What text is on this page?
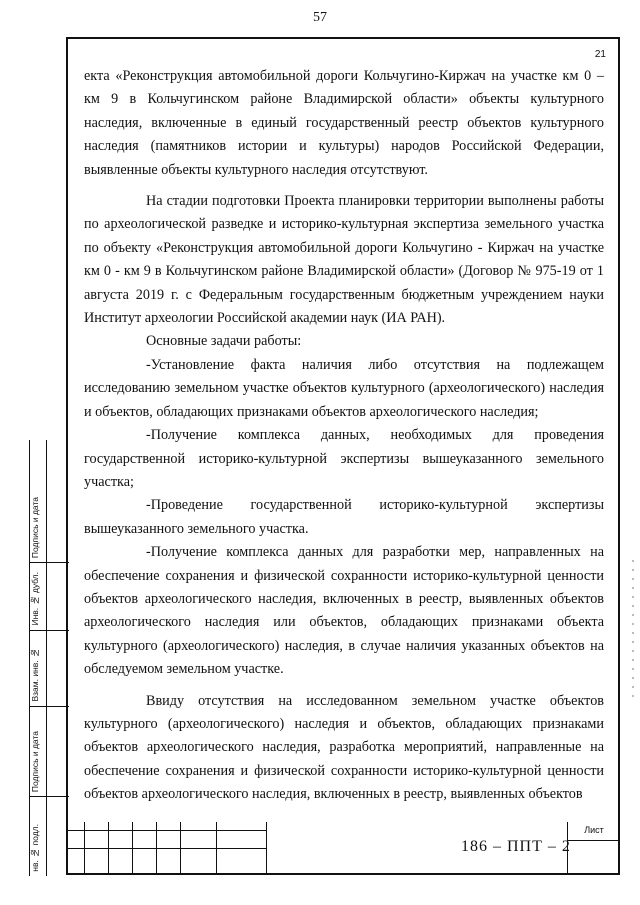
57
21

екта «Реконструкция автомобильной дороги Кольчугино-Киржач на участке км 0 – км 9 в Кольчугинском районе Владимирской области» объекты культурного наследия, включенные в единый государственный реестр объектов культурного наследия (памятников истории и культуры) народов Российской Федерации, выявленные объекты культурного наследия отсутствуют.

На стадии подготовки Проекта планировки территории выполнены работы по археологической разведке и историко-культурная экспертиза земельного участка по объекту «Реконструкция автомобильной дороги Кольчугино - Киржач на участке км 0 - км 9 в Кольчугинском районе Владимирской области» (Договор № 975-19 от 1 августа 2019 г. с Федеральным государственным бюджетным учреждением науки Институт археологии Российской академии наук (ИА РАН).

Основные задачи работы:

-Установление факта наличия либо отсутствия на подлежащем исследованию земельном участке объектов культурного (археологического) наследия и объектов, обладающих признаками объектов археологического наследия;

-Получение комплекса данных, необходимых для проведения государственной историко-культурной экспертизы вышеуказанного земельного участка;

-Проведение государственной историко-культурной экспертизы вышеуказанного земельного участка.

-Получение комплекса данных для разработки мер, направленных на обеспечение сохранения и физической сохранности историко-культурной ценности объектов археологического наследия, включенных в реестр, выявленных объектов археологического наследия или объектов, обладающих признаками объекта культурного (археологического) наследия, в случае наличия указанных объектов на обследуемом земельном участке.

Ввиду отсутствия на исследованном земельном участке объектов культурного (археологического) наследия и объектов, обладающих признаками объектов археологического наследия, разработка мероприятий, направленные на обеспечение сохранения и физической сохранности историко-культурной ценности объектов археологического наследия, включенных в реестр, выявленных объектов

Подпись и дата
Инв. № дубл.
Взам. инв. №
Подпись и дата
нв. № подл.	186 – ППТ – 2
Лист
